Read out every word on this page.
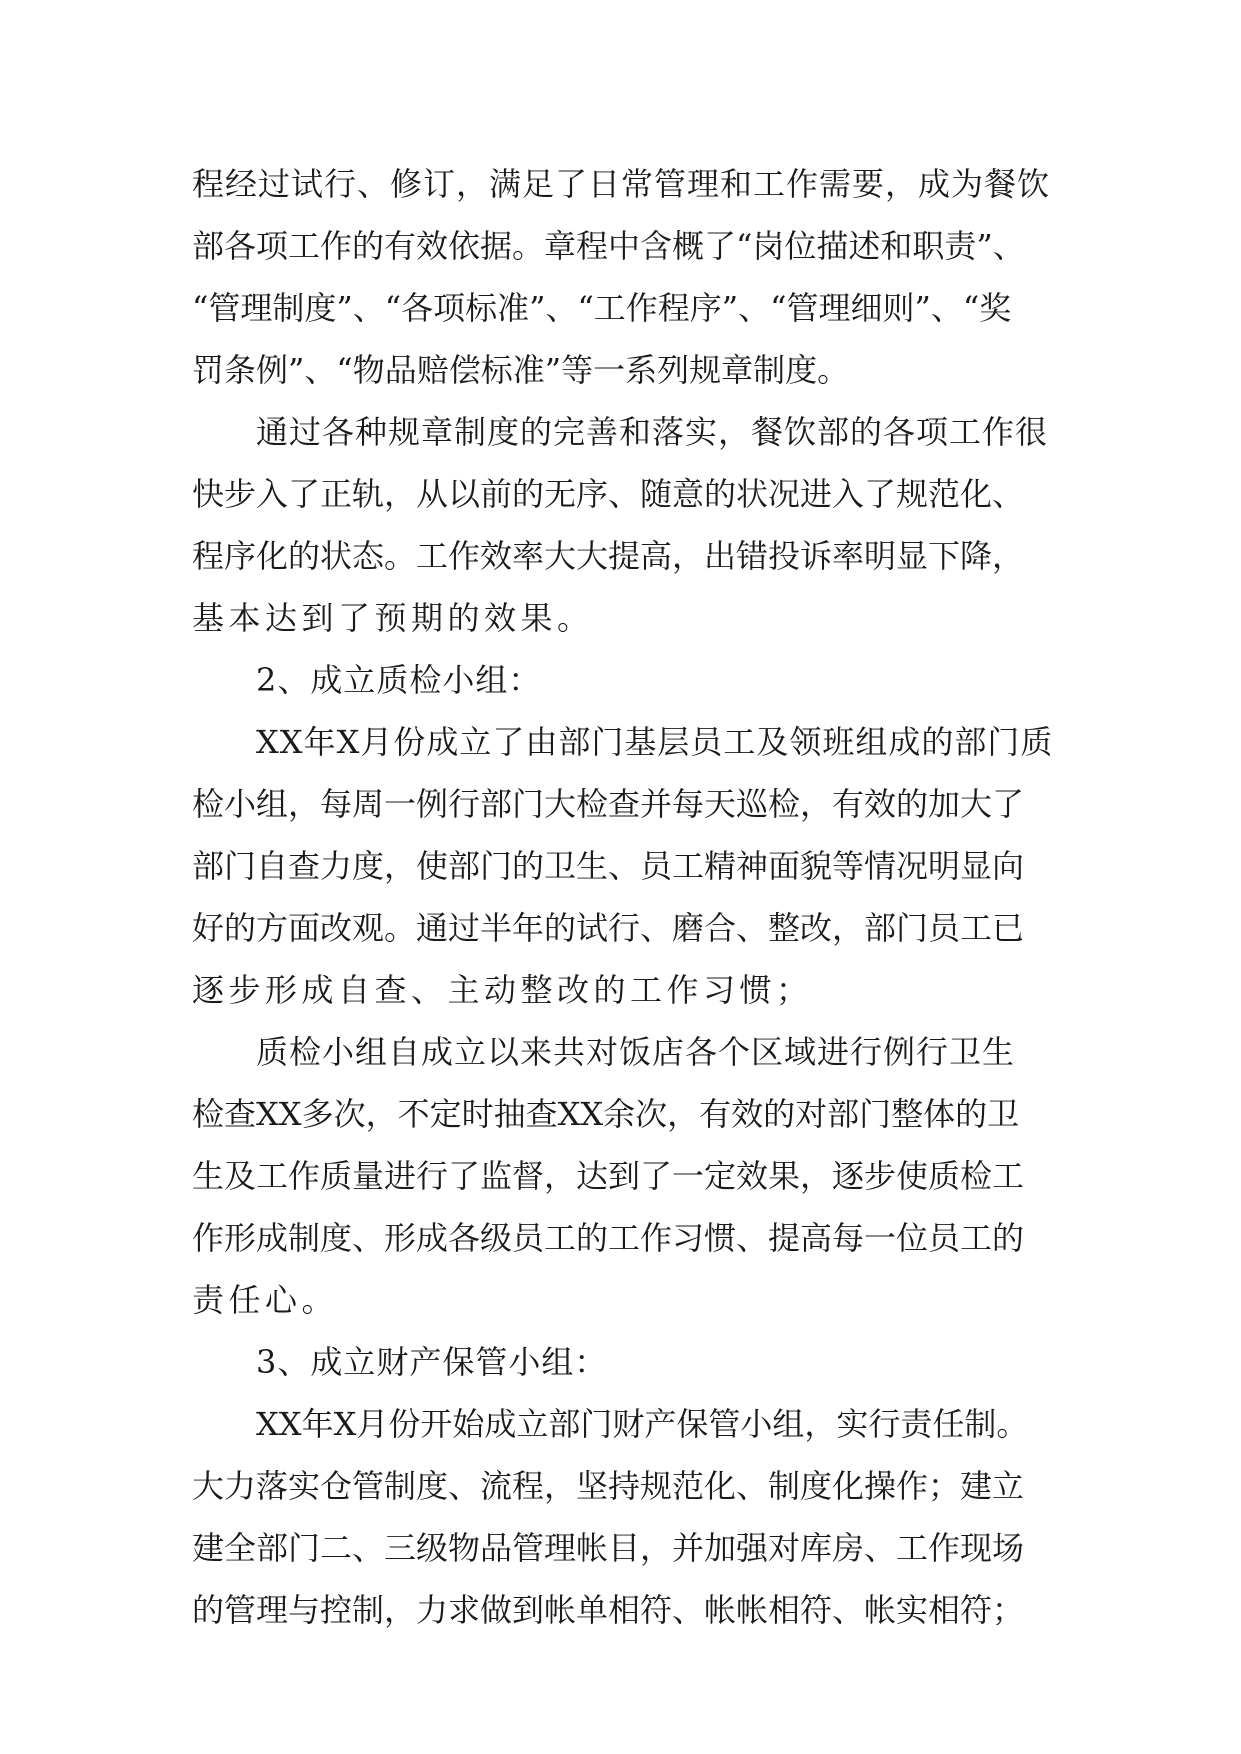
程经过试行、修订，满足了日常管理和工作需要，成为餐饮
部各项工作的有效依据。章程中含概了“岗位描述和职责”、
“管理制度”、“各项标准”、“工作程序”、“管理细则”、“奖
罚条例”、“物品赔偿标准”等一系列规章制度。
通过各种规章制度的完善和落实，餐饮部的各项工作很
快步入了正轨，从以前的无序、随意的状况进入了规范化、
程序化的状态。工作效率大大提高，出错投诉率明显下降，
基本达到了预期的效果。
2、成立质检小组：
XX年X月份成立了由部门基层员工及领班组成的部门质
检小组，每周一例行部门大检查并每天巡检，有效的加大了
部门自查力度，使部门的卫生、员工精神面貌等情况明显向
好的方面改观。通过半年的试行、磨合、整改，部门员工已
逐步形成自查、主动整改的工作习惯；
质检小组自成立以来共对饭店各个区域进行例行卫生
检查XX多次，不定时抽查XX余次，有效的对部门整体的卫
生及工作质量进行了监督，达到了一定效果，逐步使质检工
作形成制度、形成各级员工的工作习惯、提高每一位员工的
责任心。
3、成立财产保管小组：
XX年X月份开始成立部门财产保管小组，实行责任制。
大力落实仓管制度、流程，坚持规范化、制度化操作；建立
建全部门二、三级物品管理帐目，并加强对库房、工作现场
的管理与控制，力求做到帐单相符、帐帐相符、帐实相符；
